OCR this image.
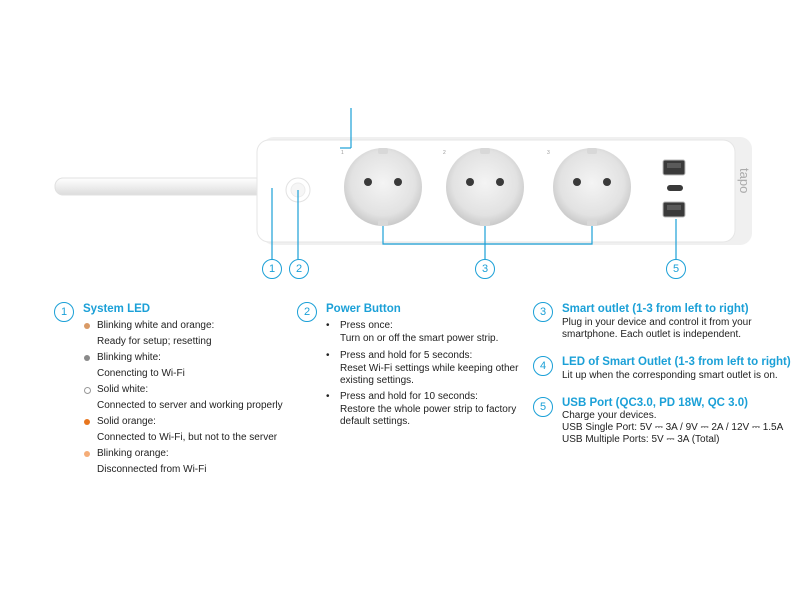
1	2	3
tapo
1	2	3	5
1	System LED
Blinking white and orange:
Ready for setup; resetting
Blinking white:
Conencting to Wi-Fi
Solid white:
Connected to server and working properly
Solid orange:
Connected to Wi-Fi, but not to the server
Blinking orange:
Disconnected from Wi-Fi
2	Power Button
• Press once:
Turn on or off the smart power strip.
• Press and hold for 5 seconds:
Reset Wi-Fi settings while keeping other
existing settings.
• Press and hold for 10 seconds:
Restore the whole power strip to factory
default settings.
3	Smart outlet (1-3 from left to right)
Plug in your device and control it from your
smartphone. Each outlet is independent.
4	LED of Smart Outlet (1-3 from left to right)
Lit up when the corresponding smart outlet is on.
5	USB Port (QC3.0, PD 18W, QC 3.0)
Charge your devices.
USB Single Port: 5V ⎓ 3A / 9V ⎓ 2A / 12V ⎓ 1.5A
USB Multiple Ports: 5V ⎓ 3A (Total)
